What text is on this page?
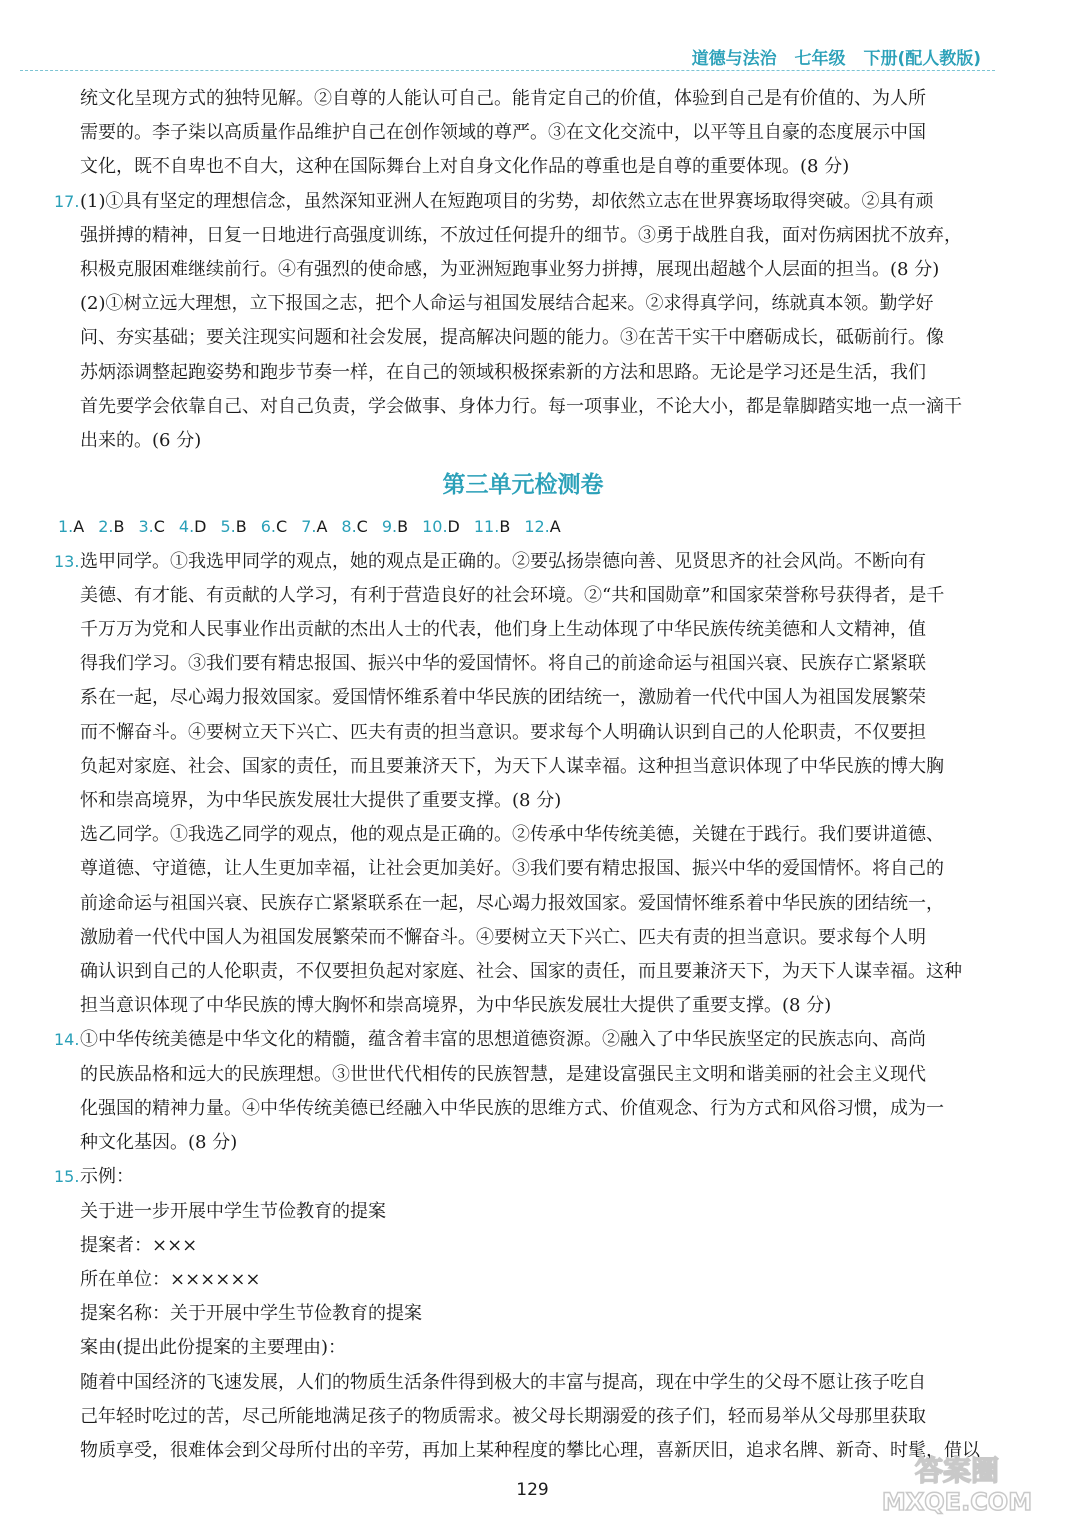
道德与法治 七年级 下册(配人教版)
统文化呈现方式的独特见解。②自尊的人能认可自己。能肯定自己的价值，体验到自己是有价值的、为人所
需要的。李子柒以高质量作品维护自己在创作领域的尊严。③在文化交流中，以平等且自豪的态度展示中国
文化，既不自卑也不自大，这种在国际舞台上对自身文化作品的尊重也是自尊的重要体现。(8 分)
17. (1)①具有坚定的理想信念，虽然深知亚洲人在短跑项目的劣势，却依然立志在世界赛场取得突破。②具有顽
强拼搏的精神，日复一日地进行高强度训练，不放过任何提升的细节。③勇于战胜自我，面对伤病困扰不放弃，
积极克服困难继续前行。④有强烈的使命感，为亚洲短跑事业努力拼搏，展现出超越个人层面的担当。(8 分)
(2)①树立远大理想，立下报国之志，把个人命运与祖国发展结合起来。②求得真学问，练就真本领。勤学好
问、夯实基础；要关注现实问题和社会发展，提高解决问题的能力。③在苦干实干中磨砺成长，砥砺前行。像
苏炳添调整起跑姿势和跑步节奏一样，在自己的领域积极探索新的方法和思路。无论是学习还是生活，我们
首先要学会依靠自己、对自己负责，学会做事、身体力行。每一项事业，不论大小，都是靠脚踏实地一点一滴干
出来的。(6 分)
第三单元检测卷
1.A 2.B 3.C 4.D 5.B 6.C 7.A 8.C 9.B 10.D 11.B 12.A
13. 选甲同学。①我选甲同学的观点，她的观点是正确的。②要弘扬崇德向善、见贤思齐的社会风尚。不断向有
美德、有才能、有贡献的人学习，有利于营造良好的社会环境。②“共和国勋章”和国家荣誉称号获得者，是千
千万万为党和人民事业作出贡献的杰出人士的代表，他们身上生动体现了中华民族传统美德和人文精神，值
得我们学习。③我们要有精忠报国、振兴中华的爱国情怀。将自己的前途命运与祖国兴衰、民族存亡紧紧联
系在一起，尽心竭力报效国家。爱国情怀维系着中华民族的团结统一，激励着一代代中国人为祖国发展繁荣
而不懈奋斗。④要树立天下兴亡、匹夫有责的担当意识。要求每个人明确认识到自己的人伦职责，不仅要担
负起对家庭、社会、国家的责任，而且要兼济天下，为天下人谋幸福。这种担当意识体现了中华民族的博大胸
怀和崇高境界，为中华民族发展壮大提供了重要支撑。(8 分)
选乙同学。①我选乙同学的观点，他的观点是正确的。②传承中华传统美德，关键在于践行。我们要讲道德、
尊道德、守道德，让人生更加幸福，让社会更加美好。③我们要有精忠报国、振兴中华的爱国情怀。将自己的
前途命运与祖国兴衰、民族存亡紧紧联系在一起，尽心竭力报效国家。爱国情怀维系着中华民族的团结统一，
激励着一代代中国人为祖国发展繁荣而不懈奋斗。④要树立天下兴亡、匹夫有责的担当意识。要求每个人明
确认识到自己的人伦职责，不仅要担负起对家庭、社会、国家的责任，而且要兼济天下，为天下人谋幸福。这种
担当意识体现了中华民族的博大胸怀和崇高境界，为中华民族发展壮大提供了重要支撑。(8 分)
14. ①中华传统美德是中华文化的精髓，蕴含着丰富的思想道德资源。②融入了中华民族坚定的民族志向、高尚
的民族品格和远大的民族理想。③世世代代相传的民族智慧，是建设富强民主文明和谐美丽的社会主义现代
化强国的精神力量。④中华传统美德已经融入中华民族的思维方式、价值观念、行为方式和风俗习惯，成为一
种文化基因。(8 分)
15. 示例：
关于进一步开展中学生节俭教育的提案
提案者：×××
所在单位：××××××
提案名称：关于开展中学生节俭教育的提案
案由(提出此份提案的主要理由)：
随着中国经济的飞速发展，人们的物质生活条件得到极大的丰富与提高，现在中学生的父母不愿让孩子吃自
己年轻时吃过的苦，尽己所能地满足孩子的物质需求。被父母长期溺爱的孩子们，轻而易举从父母那里获取
物质享受，很难体会到父母所付出的辛劳，再加上某种程度的攀比心理，喜新厌旧，追求名牌、新奇、时髦，借以
129
答案圈
MXQE.COM
